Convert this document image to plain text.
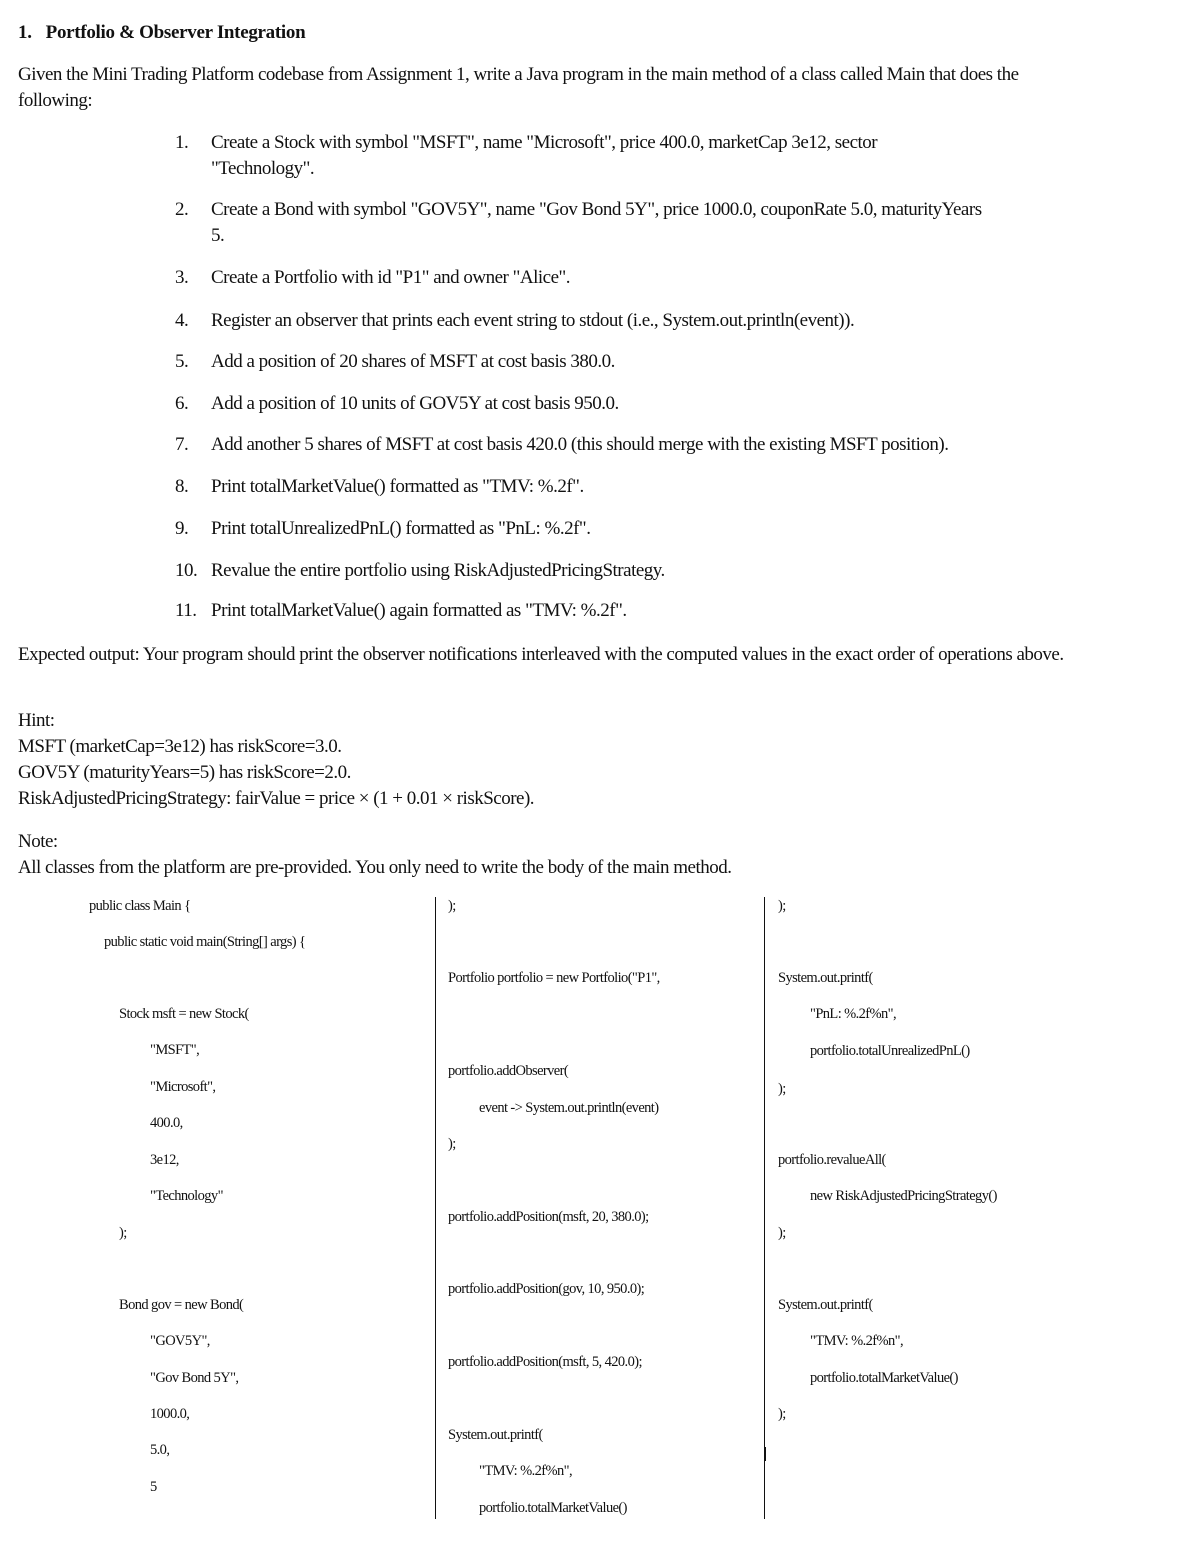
1. Portfolio & Observer Integration
Given the Mini Trading Platform codebase from Assignment 1, write a Java program in the main method of a class called Main that does the following:
1.	Create a Stock with symbol "MSFT", name "Microsoft", price 400.0, marketCap 3e12, sector
"Technology".
2.	Create a Bond with symbol "GOV5Y", name "Gov Bond 5Y", price 1000.0, couponRate 5.0, maturityYears
5.
3.	Create a Portfolio with id "P1" and owner "Alice".
4.	Register an observer that prints each event string to stdout (i.e., System.out.println(event)).
5.	Add a position of 20 shares of MSFT at cost basis 380.0.
6.	Add a position of 10 units of GOV5Y at cost basis 950.0.
7.	Add another 5 shares of MSFT at cost basis 420.0 (this should merge with the existing MSFT position).
8.	Print totalMarketValue() formatted as "TMV: %.2f".
9.	Print totalUnrealizedPnL() formatted as "PnL: %.2f".
10. Revalue the entire portfolio using RiskAdjustedPricingStrategy.
11. Print totalMarketValue() again formatted as "TMV: %.2f".
Expected output: Your program should print the observer notifications interleaved with the computed values in the exact order of operations above.
Hint:
MSFT (marketCap=3e12) has riskScore=3.0.
GOV5Y (maturityYears=5) has riskScore=2.0.
RiskAdjustedPricingStrategy: fairValue = price × (1 + 0.01 × riskScore).
Note:
All classes from the platform are pre-provided. You only need to write the body of the main method.
public class Main {
public static void main(String[] args) {
Stock msft = new Stock(
"MSFT",
"Microsoft",
400.0,
3e12,
"Technology"
);
Bond gov = new Bond(
"GOV5Y",
"Gov Bond 5Y",
1000.0,
5.0,
5
);
Portfolio portfolio = new Portfolio("P1",
portfolio.addObserver(
event -> System.out.println(event)
);
portfolio.addPosition(msft, 20, 380.0);
portfolio.addPosition(gov, 10, 950.0);
portfolio.addPosition(msft, 5, 420.0);
System.out.printf(
"TMV: %.2f%n",
portfolio.totalMarketValue()
);
System.out.printf(
"PnL: %.2f%n",
portfolio.totalUnrealizedPnL()
);
portfolio.revalueAll(
new RiskAdjustedPricingStrategy()
);
System.out.printf(
"TMV: %.2f%n",
portfolio.totalMarketValue()
);
